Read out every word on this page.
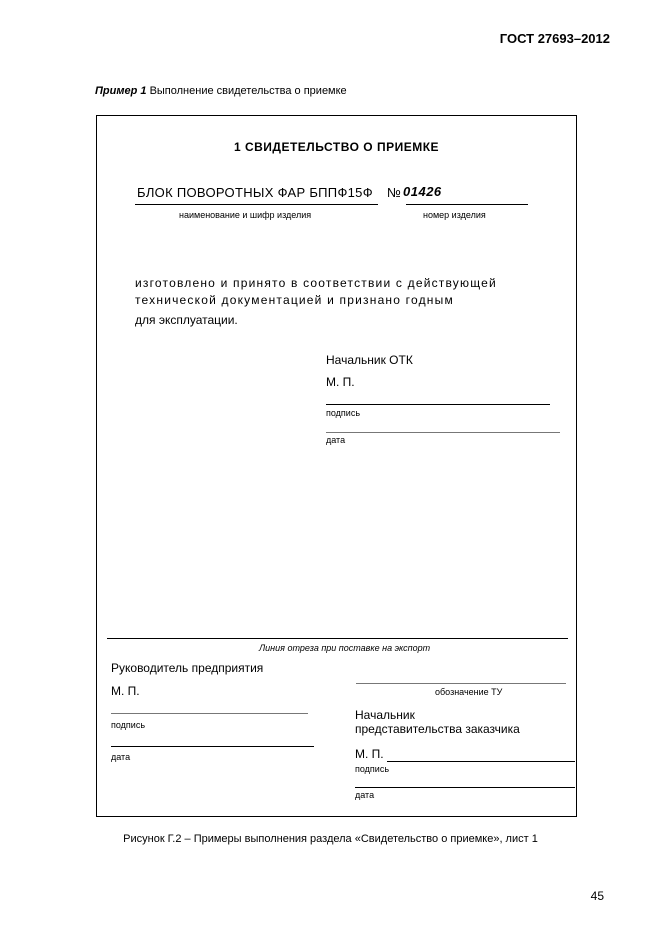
ГОСТ 27693–2012
Пример 1 Выполнение свидетельства о приемке
1 СВИДЕТЕЛЬСТВО О ПРИЕМКЕ
БЛОК ПОВОРОТНЫХ ФАР БППФ15Ф № 01426
наименование и шифр изделия	номер изделия
изготовлено и принято в соответствии с действующей
технической документацией и признано годным
для эксплуатации.
Начальник ОТК
М. П.
подпись
дата
Линия отреза при поставке на экспорт
Руководитель предприятия
М. П.
подпись
дата
обозначение ТУ
Начальник
представительства заказчика
М. П.
подпись
дата
Рисунок Г.2 – Примеры выполнения раздела «Свидетельство о приемке», лист 1
45
